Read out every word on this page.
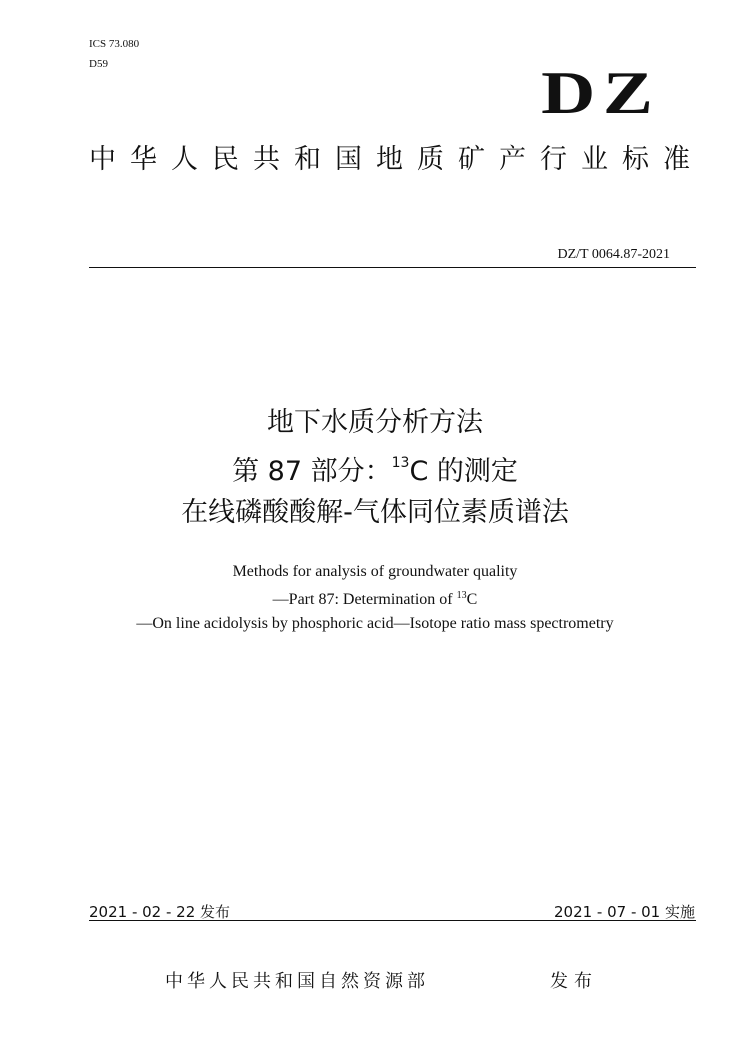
ICS 73.080
D59	DZ
中华人民共和国地质矿产行业标准
DZ/T 0064.87-2021
地下水质分析方法
第 87 部分：$^{13}$C 的测定
在线磷酸酸解-气体同位素质谱法
Methods for analysis of groundwater quality
—Part 87: Determination of $^{13}$C
—On line acidolysis by phosphoric acid—Isotope ratio mass spectrometry
2021 - 02 - 22 发布	2021 - 07 - 01 实施
中华人民共和国自然资源部	发布
